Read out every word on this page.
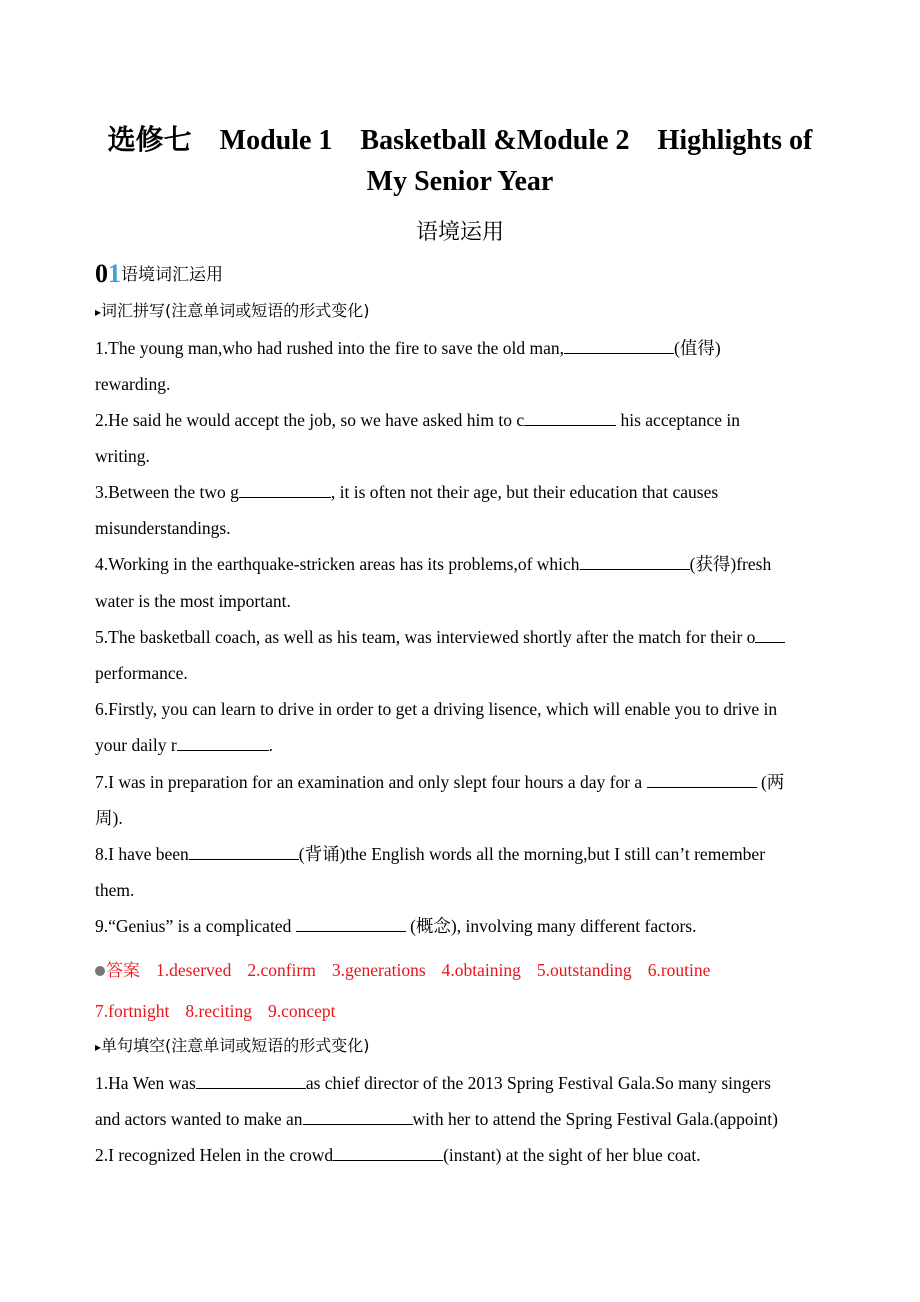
选修七　Module 1　Basketball &Module 2　Highlights of
My Senior Year
语境运用
01语境词汇运用
▸词汇拼写(注意单词或短语的形式变化)
1.The young man,who had rushed into the fire to save the old man,	(值得)
rewarding.
2.He said he would accept the job, so we have asked him to c	his acceptance in
writing.
3.Between the two g	, it is often not their age, but their education that causes
misunderstandings.
4.Working in the earthquake-stricken areas has its problems,of which	(获得)fresh
water is the most important.
5.The basketball coach, as well as his team, was interviewed shortly after the match for their o
performance.
6.Firstly, you can learn to drive in order to get a driving lisence, which will enable you to drive in
your daily r	.
7.I was in preparation for an examination and only slept four hours a day for a	(两
周).
8.I have been	(背诵)the English words all the morning,but I still can’t remember
them.
9.“Genius” is a complicated	(概念), involving many different factors.
答案 1.deserved 2.confirm 3.generations 4.obtaining 5.outstanding 6.routine
7.fortnight 8.reciting 9.concept
▸单句填空(注意单词或短语的形式变化)
1.Ha Wen was	as chief director of the 2013 Spring Festival Gala.So many singers
and actors wanted to make an	with her to attend the Spring Festival Gala.(appoint)
2.I recognized Helen in the crowd	(instant) at the sight of her blue coat.
